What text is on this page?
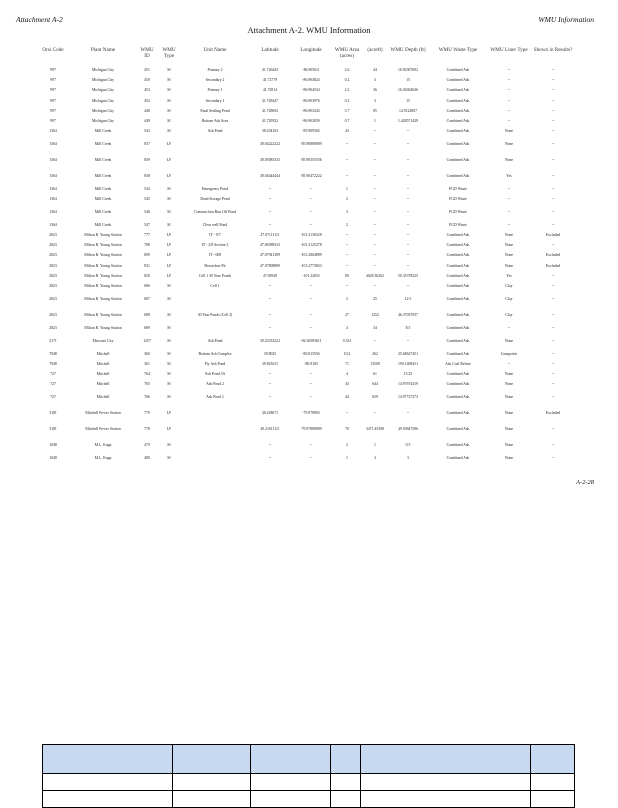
Attachment A-2	WMU Information
Attachment A-2. WMU Information
Orsi Code	Plant Name	WMU ID	WMU Type	Unit Name	Latitude	Longitude	WMU Area (acres)	(acreft)	WMU Depth (ft)	WMU Waste Type	WMU Liner Type	Shown in Results?
997	Michigan City	451	SI	Primary 2	41.726443	-86.905611	2.6	44	16.92307692	Combined Ash	--	--
997	Michigan City	450	SI	Secondary 2	41.72779	-86.904824	0.2	3	15	Combined Ash	--	--
997	Michigan City	453	SI	Primary 1	41.72814	-86.904534	2.2	36	16.36363636	Combined Ash	--	--
997	Michigan City	452	SI	Secondary 1	41.728447	-86.903976	0.2	3	15	Combined Ash	--	--
997	Michigan City	448	SI	Final Settling Pond	41.728692	-86.903243	5.7	85	14.9122807	Combined Ash	--	--
997	Michigan City	449	SI	Bottom Ash Area	41.729352	-86.902839	0.7	1	1.428571429	Combined Ash	--	--
1364	Mill Creek	543	SI	Ash Pond	38.204163	-85.909302	43	--	--	Combined Ash	None	--
1364	Mill Creek	837	LF		38.04222222	-85.90888889	--	--	--	Combined Ash	None	--
1364	Mill Creek	839	LF		38.05083333	-85.90555556	--	--	--	Combined Ash	None	--
1364	Mill Creek	838	LF		38.04444444	-85.90472222	--	--	--	Combined Ash	Yes	--
1364	Mill Creek	544	SI	Emergency Pond	--	--	1	--	--	FGD Waste	--	--
1364	Mill Creek	545	SI	Dead Storage Pond	--	--	2	--	--	FGD Waste	--	--
1364	Mill Creek	546	SI	Construction Run Off Pond	--	--	3	--	--	FGD Waste	--	--
1364	Mill Creek	547	SI	Clear well Pond	--	--	2	--	--	FGD Waste	--	--
2823	Milton R. Young Station	777	LF	IT - 9/7	47.07111111	-101.3136528	--	--	--	Combined Ash	None	Excluded
2823	Milton R. Young Station	788	LF	IT - 2/8 Section 3	47.06388333	-101.3125278	--	--	--	Combined Ash	None	--
2823	Milton R. Young Station	809	LF	IT - 008	47.07941389	-101.2864889	--	--	--	Combined Ash	None	Excluded
2823	Milton R. Young Station	831	LF	Horseshoe Pit	47.07808889	-101.2773833	--	--	--	Combined Ash	None	Excluded
2823	Milton R. Young Station	820	LF	Cell 1 30 Year Ponds	47.05949	-101.22055	80	4028.30262	50.35378225	Combined Ash	Yes	--
2823	Milton R. Young Station	686	SI	Cell 1	--	--	--	--	--	Combined Ash	Clay	--
2823	Milton R. Young Station	687	SI		--	--	2	25	12.5	Combined Ash	Clay	--
2823	Milton R. Young Station	688	SI	30 Year Ponds (Cell 2)	--	--	27	1252	46.37037037	Combined Ash	Clay	--
2823	Milton R. Young Station	689	SI		--	--	4	34	8.5	Combined Ash	--	--
2171	Missouri City	1257	SI	Ash Pond	39.23333222	-94.30583611	0.331	--	--	Combined Ash	None	--
7948	Mitchell	360	SI	Bottom Ash Complex	39.8025	-80.815556	10.2	262	25.68627451	Combined Ash	Composite	--
7948	Mitchell	361	SI	Fly Ash Pond	39.823611	-80.8183	71	13500	190.1408451	Ash Coal Refuse	--	--
727	Mitchell	764	SI	Ash Pond 3A	--	--	4	61	15.25	Combined Ash	None	--
727	Mitchell	765	SI	Ash Pond 2	--	--	43	644	14.97674419	Combined Ash	None	--
727	Mitchell	766	SI	Ash Pond 1	--	--	44	659	14.97727273	Combined Ash	None	--
3181	Mitchell Power Station	779	LF		40.228671	-79.978893	--	--	--	Combined Ash	None	Excluded
3181	Mitchell Power Station	778	LF		40.21611111	-79.97888889	70	3471.45308	49.59647586	Combined Ash	None	--
1048	M.L. Kapp	479	SI		--	--	2	1	0.5	Combined Ash	None	--
1048	M.L. Kapp	480	SI		--	--	1	3	3	Combined Ash	None	--
A-2-28
